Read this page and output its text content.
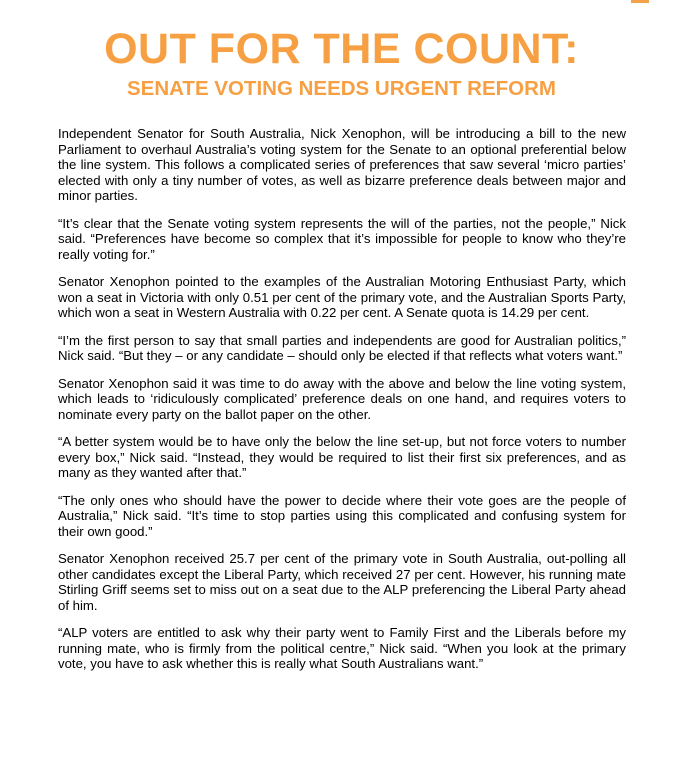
OUT FOR THE COUNT:
SENATE VOTING NEEDS URGENT REFORM

Independent Senator for South Australia, Nick Xenophon, will be introducing a bill to the new Parliament to overhaul Australia’s voting system for the Senate to an optional preferential below the line system. This follows a complicated series of preferences that saw several ‘micro parties’ elected with only a tiny number of votes, as well as bizarre preference deals between major and minor parties.

“It’s clear that the Senate voting system represents the will of the parties, not the people,” Nick said. “Preferences have become so complex that it’s impossible for people to know who they’re really voting for.”

Senator Xenophon pointed to the examples of the Australian Motoring Enthusiast Party, which won a seat in Victoria with only 0.51 per cent of the primary vote, and the Australian Sports Party, which won a seat in Western Australia with 0.22 per cent. A Senate quota is 14.29 per cent.

“I’m the first person to say that small parties and independents are good for Australian politics,” Nick said. “But they – or any candidate – should only be elected if that reflects what voters want.”

Senator Xenophon said it was time to do away with the above and below the line voting system, which leads to ‘ridiculously complicated’ preference deals on one hand, and requires voters to nominate every party on the ballot paper on the other.

“A better system would be to have only the below the line set-up, but not force voters to number every box,” Nick said. “Instead, they would be required to list their first six preferences, and as many as they wanted after that.”

“The only ones who should have the power to decide where their vote goes are the people of Australia,” Nick said. “It’s time to stop parties using this complicated and confusing system for their own good.”

Senator Xenophon received 25.7 per cent of the primary vote in South Australia, out-polling all other candidates except the Liberal Party, which received 27 per cent. However, his running mate Stirling Griff seems set to miss out on a seat due to the ALP preferencing the Liberal Party ahead of him.

“ALP voters are entitled to ask why their party went to Family First and the Liberals before my running mate, who is firmly from the political centre,” Nick said. “When you look at the primary vote, you have to ask whether this is really what South Australians want.”
